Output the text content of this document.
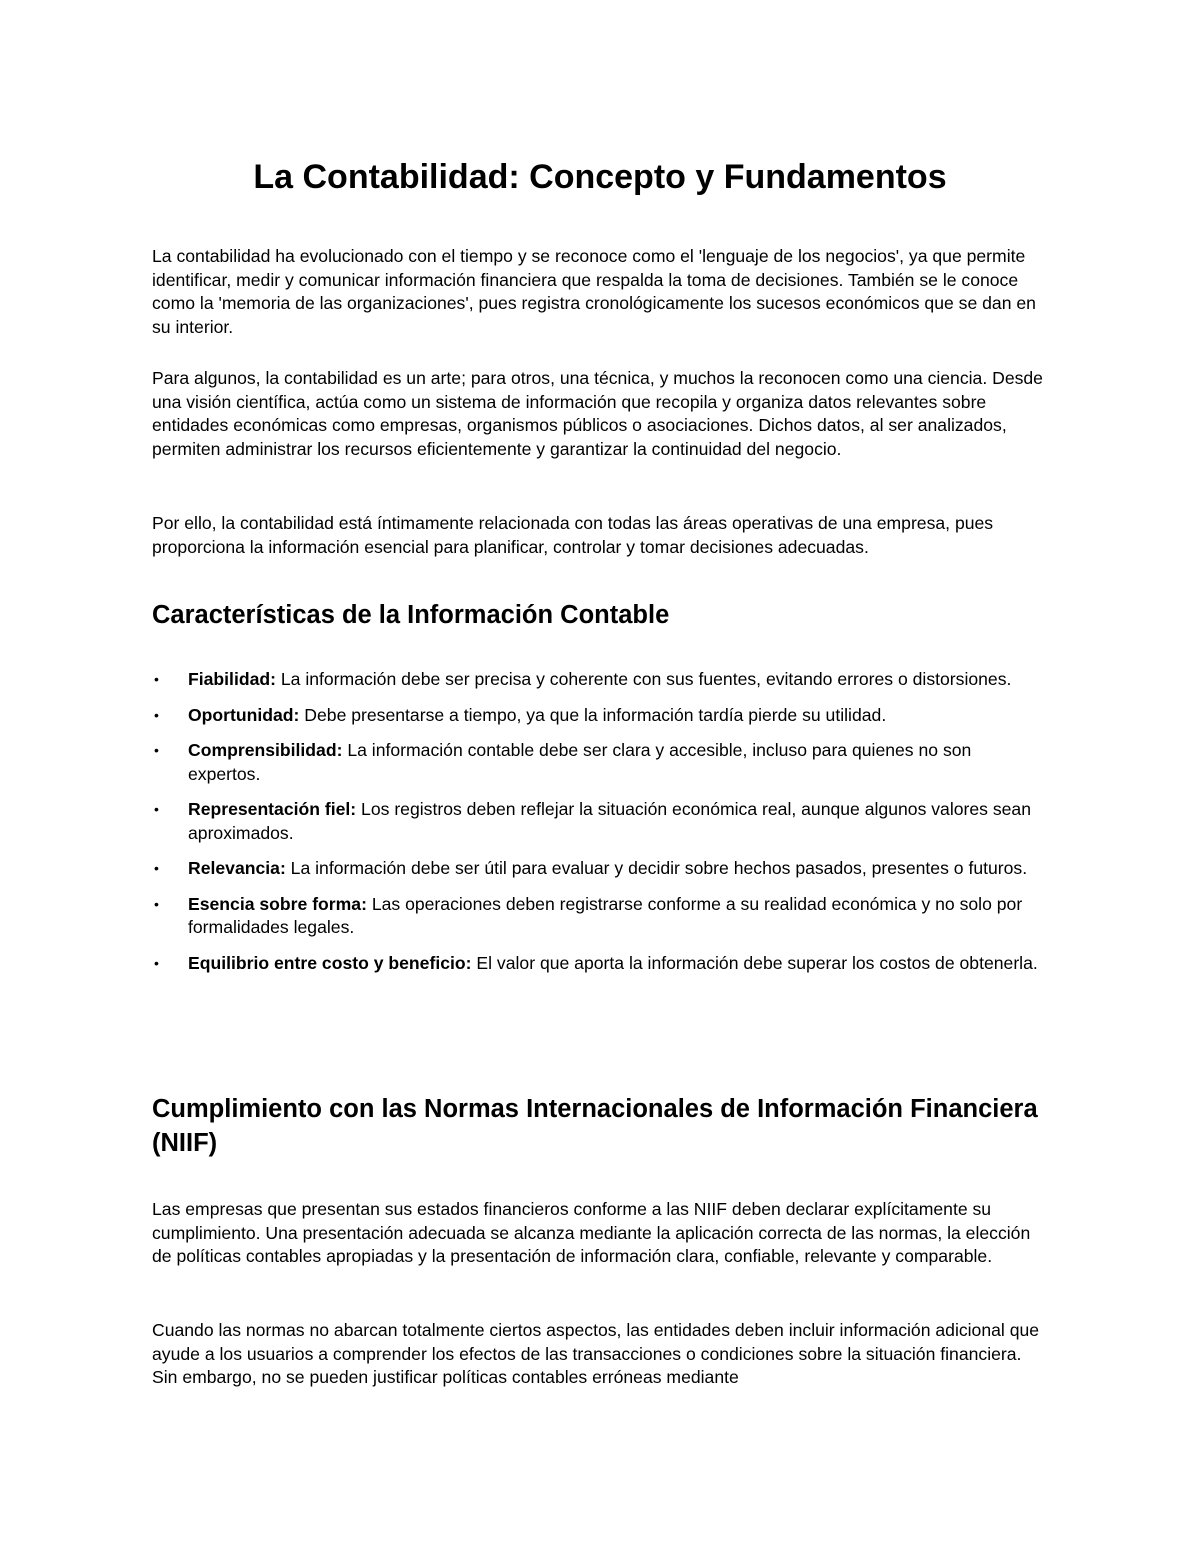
La Contabilidad: Concepto y Fundamentos

La contabilidad ha evolucionado con el tiempo y se reconoce como el 'lenguaje de los negocios', ya que permite identificar, medir y comunicar información financiera que respalda la toma de decisiones. También se le conoce como la 'memoria de las organizaciones', pues registra cronológicamente los sucesos económicos que se dan en su interior.

Para algunos, la contabilidad es un arte; para otros, una técnica, y muchos la reconocen como una ciencia. Desde una visión científica, actúa como un sistema de información que recopila y organiza datos relevantes sobre entidades económicas como empresas, organismos públicos o asociaciones. Dichos datos, al ser analizados, permiten administrar los recursos eficientemente y garantizar la continuidad del negocio.

Por ello, la contabilidad está íntimamente relacionada con todas las áreas operativas de una empresa, pues proporciona la información esencial para planificar, controlar y tomar decisiones adecuadas.

Características de la Información Contable
•	Fiabilidad: La información debe ser precisa y coherente con sus fuentes, evitando errores o distorsiones.
•	Oportunidad: Debe presentarse a tiempo, ya que la información tardía pierde su utilidad.
•	Comprensibilidad: La información contable debe ser clara y accesible, incluso para quienes no son expertos.
•	Representación fiel: Los registros deben reflejar la situación económica real, aunque algunos valores sean aproximados.
•	Relevancia: La información debe ser útil para evaluar y decidir sobre hechos pasados, presentes o futuros.
•	Esencia sobre forma: Las operaciones deben registrarse conforme a su realidad económica y no solo por formalidades legales.
•	Equilibrio entre costo y beneficio: El valor que aporta la información debe superar los costos de obtenerla.
Cumplimiento con las Normas Internacionales de Información Financiera (NIIF)

Las empresas que presentan sus estados financieros conforme a las NIIF deben declarar explícitamente su cumplimiento. Una presentación adecuada se alcanza mediante la aplicación correcta de las normas, la elección de políticas contables apropiadas y la presentación de información clara, confiable, relevante y comparable.

Cuando las normas no abarcan totalmente ciertos aspectos, las entidades deben incluir información adicional que ayude a los usuarios a comprender los efectos de las transacciones o condiciones sobre la situación financiera. Sin embargo, no se pueden justificar políticas contables erróneas mediante
